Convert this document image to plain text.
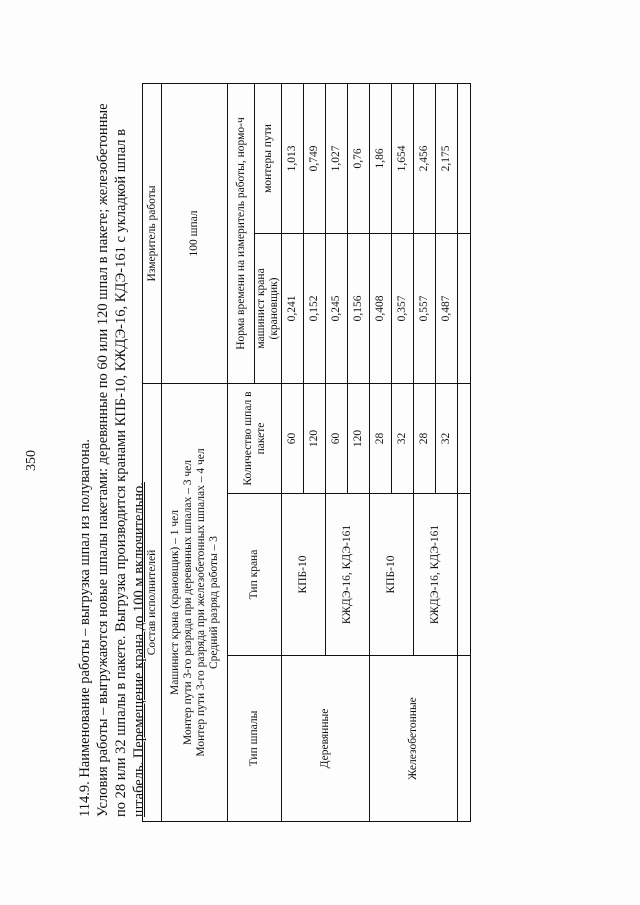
350	114.9. Наименование работы – выгрузка шпал из полувагона. Условия работы – выгружаются новые шпалы пакетами: деревянные по 60 или 120 шпал в пакете; железобетонные по 28 или 32 шпалы в пакете. Выгрузка производится кранами КПБ-10, КЖДЭ-16, КДЭ-161 с укладкой шпал в штабель. Перемещение крана до 100 м включительно.
Состав исполнителей			Измеритель работы	

Машинист крана (крановщик) – 1 чел Монтер пути 3-го разряда при деревянных шпалах – 3 чел Монтер пути 3-го разряда при железобетонных шпалах – 4 чел Средний разряд работы – 3			100 шпал	
Тип шпалы	Тип крана	Количество шпал в пакете	Норма времени на измеритель работы, нормо-ч	
			машинист крана (крановщик)	монтеры пути
Деревянные	КПБ-10	60	0,241	1,013
		120	0,152	0,749
	КЖДЭ-16, КДЭ-161	60	0,245	1,027
		120	0,156	0,76
Железобетонные	КПБ-10	28	0,408	1,86
		32	0,357	1,654
	КЖДЭ-16, КДЭ-161	28	0,557	2,456
		32	0,487	2,175
